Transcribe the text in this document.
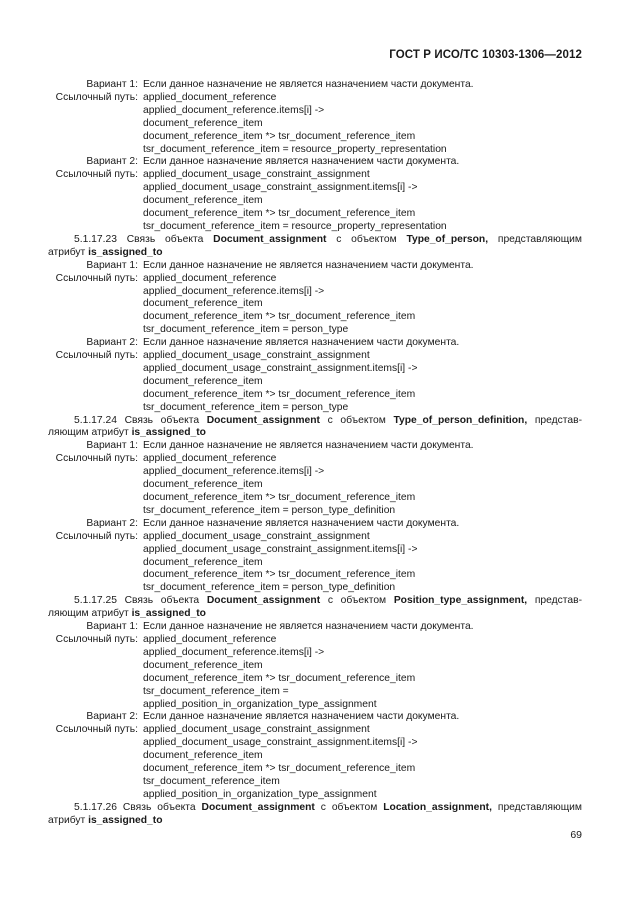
ГОСТ Р ИСО/ТС 10303-1306—2012
Вариант 1: Если данное назначение не является назначением части документа.
Ссылочный путь: applied_document_reference
applied_document_reference.items[i] ->
document_reference_item
document_reference_item *> tsr_document_reference_item
tsr_document_reference_item = resource_property_representation
Вариант 2: Если данное назначение является назначением части документа.
Ссылочный путь: applied_document_usage_constraint_assignment
applied_document_usage_constraint_assignment.items[i] ->
document_reference_item
document_reference_item *> tsr_document_reference_item
tsr_document_reference_item = resource_property_representation
5.1.17.23 Связь объекта Document_assignment с объектом Type_of_person, представляющим
атрибут is_assigned_to
Вариант 1: Если данное назначение не является назначением части документа.
Ссылочный путь: applied_document_reference
applied_document_reference.items[i] ->
document_reference_item
document_reference_item *> tsr_document_reference_item
tsr_document_reference_item = person_type
Вариант 2: Если данное назначение является назначением части документа.
Ссылочный путь: applied_document_usage_constraint_assignment
applied_document_usage_constraint_assignment.items[i] ->
document_reference_item
document_reference_item *> tsr_document_reference_item
tsr_document_reference_item = person_type
5.1.17.24 Связь объекта Document_assignment с объектом Type_of_person_definition, представ-
ляющим атрибут is_assigned_to
Вариант 1: Если данное назначение не является назначением части документа.
Ссылочный путь: applied_document_reference
applied_document_reference.items[i] ->
document_reference_item
document_reference_item *> tsr_document_reference_item
tsr_document_reference_item = person_type_definition
Вариант 2: Если данное назначение является назначением части документа.
Ссылочный путь: applied_document_usage_constraint_assignment
applied_document_usage_constraint_assignment.items[i] ->
document_reference_item
document_reference_item *> tsr_document_reference_item
tsr_document_reference_item = person_type_definition
5.1.17.25 Связь объекта Document_assignment с объектом Position_type_assignment, представ-
ляющим атрибут is_assigned_to
Вариант 1: Если данное назначение не является назначением части документа.
Ссылочный путь: applied_document_reference
applied_document_reference.items[i] ->
document_reference_item
document_reference_item *> tsr_document_reference_item
tsr_document_reference_item =
applied_position_in_organization_type_assignment
Вариант 2: Если данное назначение является назначением части документа.
Ссылочный путь: applied_document_usage_constraint_assignment
applied_document_usage_constraint_assignment.items[i] ->
document_reference_item
document_reference_item *> tsr_document_reference_item
tsr_document_reference_item
applied_position_in_organization_type_assignment
5.1.17.26 Связь объекта Document_assignment с объектом Location_assignment, представляющим
атрибут is_assigned_to
69
